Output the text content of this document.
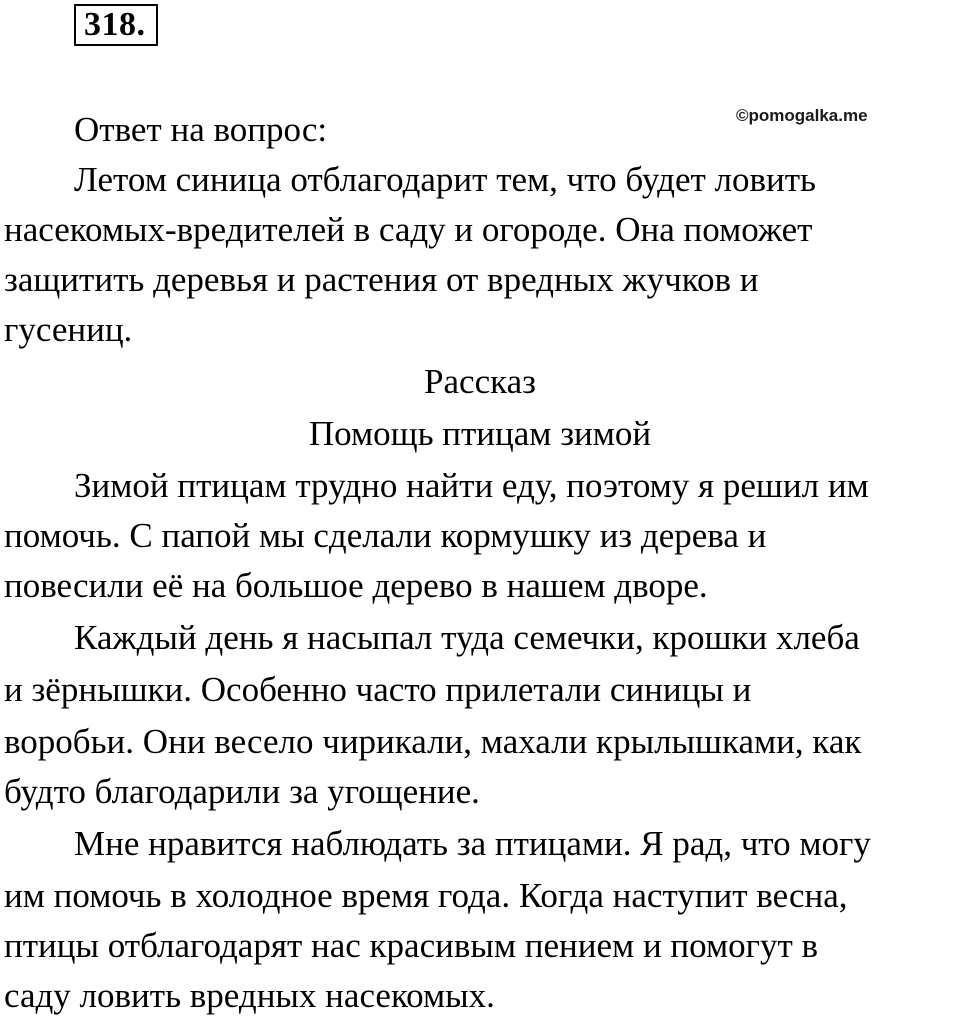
318.
©pomogalka.me
Ответ на вопрос:
Летом синица отблагодарит тем, что будет ловить
насекомых-вредителей в саду и огороде. Она поможет
защитить деревья и растения от вредных жучков и
гусениц.
Рассказ
Помощь птицам зимой
Зимой птицам трудно найти еду, поэтому я решил им
помочь. С папой мы сделали кормушку из дерева и
повесили её на большое дерево в нашем дворе.
Каждый день я насыпал туда семечки, крошки хлеба
и зёрнышки. Особенно часто прилетали синицы и
воробьи. Они весело чирикали, махали крылышками, как
будто благодарили за угощение.
Мне нравится наблюдать за птицами. Я рад, что могу
им помочь в холодное время года. Когда наступит весна,
птицы отблагодарят нас красивым пением и помогут в
саду ловить вредных насекомых.
